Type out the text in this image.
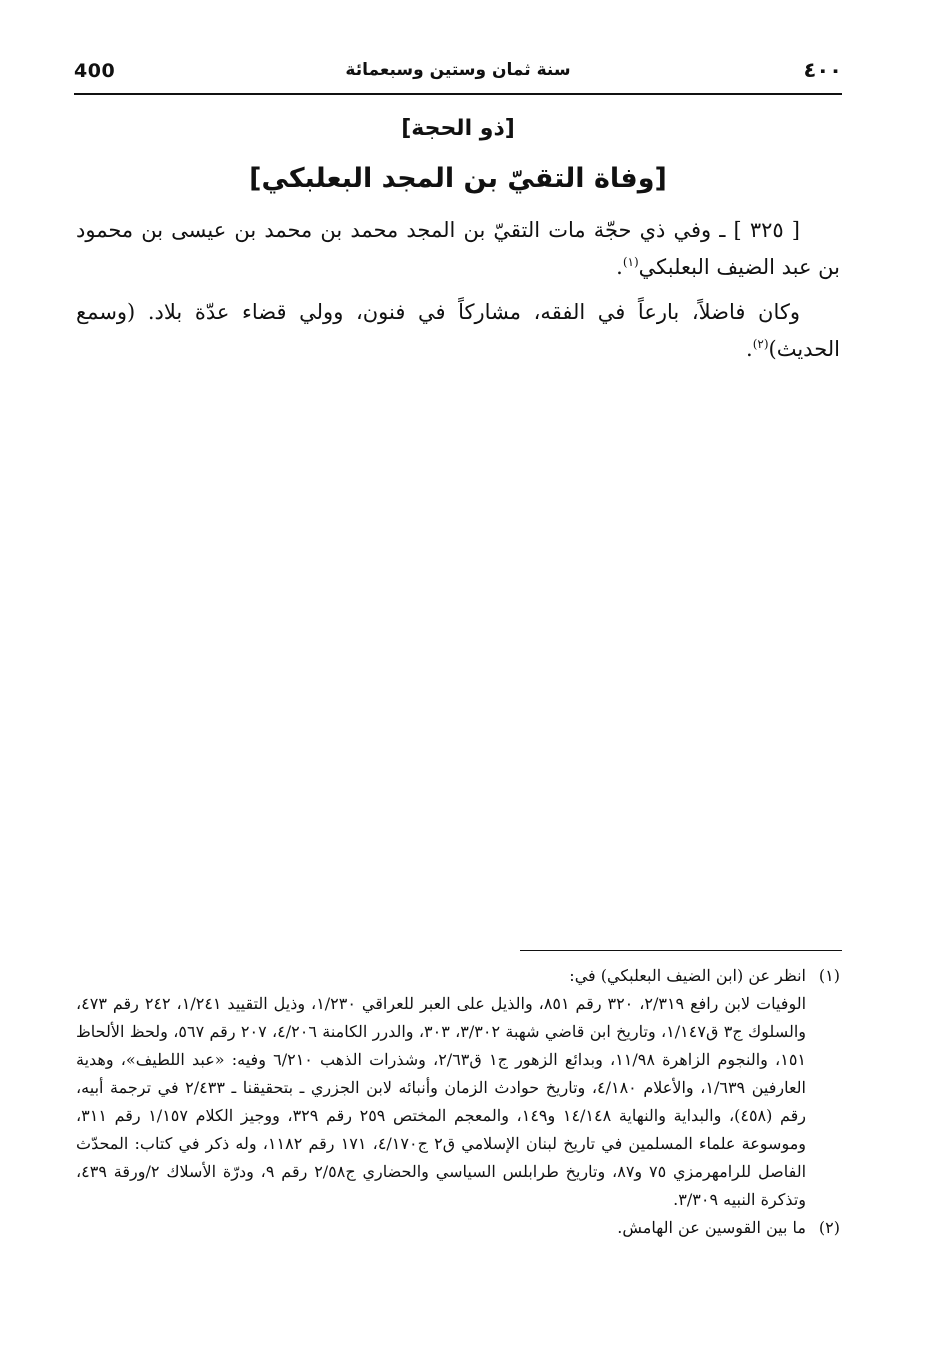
400	سنة ثمان وستين وسبعمائة	٤٠٠
[ذو الحجة]
[وفاة التقيّ بن المجد البعلبكي]

[ ٣٢٥ ] ـ وفي ذي حجّة مات التقيّ بن المجد محمد بن محمد بن عيسى بن محمود بن عبد الضيف البعلبكي$^{(١)}$.

وكان فاضلاً، بارعاً في الفقه، مشاركاً في فنون، وولي قضاء عدّة بلاد. (وسمع الحديث)$^{(٢)}$.

(١)
انظر عن (ابن الضيف البعلبكي) في:
الوفيات لابن رافع ٢/٣١٩، ٣٢٠ رقم ٨٥١، والذيل على العبر للعراقي ١/٢٣٠، وذيل التقييد ١/٢٤١، ٢٤٢ رقم ٤٧٣، والسلوك ج٣ ق١/١٤٧، وتاريخ ابن قاضي شهبة ٣/٣٠٢، ٣٠٣، والدرر الكامنة ٤/٢٠٦، ٢٠٧ رقم ٥٦٧، ولحظ الألحاظ ١٥١، والنجوم الزاهرة ١١/٩٨، وبدائع الزهور ج١ ق٢/٦٣، وشذرات الذهب ٦/٢١٠ وفيه: «عبد اللطيف»، وهدية العارفين ١/٦٣٩، والأعلام ٤/١٨٠، وتاريخ حوادث الزمان وأنبائه لابن الجزري ـ بتحقيقنا ـ ٢/٤٣٣ في ترجمة أبيه، رقم (٤٥٨)، والبداية والنهاية ١٤/١٤٨ و١٤٩، والمعجم المختص ٢٥٩ رقم ٣٢٩، ووجيز الكلام ١/١٥٧ رقم ٣١١، وموسوعة علماء المسلمين في تاريخ لبنان الإسلامي ق٢ ج٤/١٧٠، ١٧١ رقم ١١٨٢، وله ذكر في كتاب: المحدّث الفاصل للرامهرمزي ٧٥ و٨٧، وتاريخ طرابلس السياسي والحضاري ج٢/٥٨ رقم ٩، ودرّة الأسلاك ٢/ورقة ٤٣٩، وتذكرة النبيه ٣/٣٠٩.
(٢)
ما بين القوسين عن الهامش.
